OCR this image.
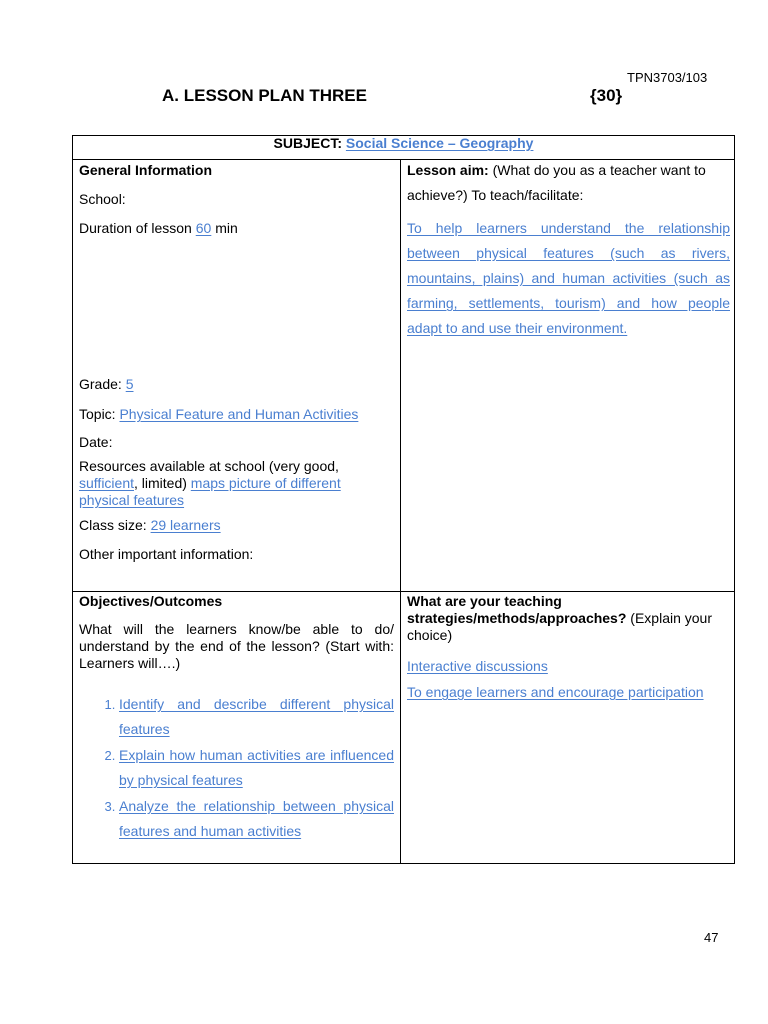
TPN3703/103
A. LESSON PLAN THREE	{30}
SUBJECT: Social Science – Geography
General Information
School:
Duration of lesson 60 min
Grade: 5
Topic: Physical Feature and Human Activities
Date:
Resources available at school (very good,
sufficient, limited) maps picture of different physical features
Class size: 29 learners
Other important information:
Lesson aim: (What do you as a teacher want to achieve?) To teach/facilitate:
To help learners understand the relationship between physical features (such as rivers, mountains, plains) and human activities (such as farming, settlements, tourism) and how people adapt to and use their environment.
Objectives/Outcomes
What will the learners know/be able to do/ understand by the end of the lesson? (Start with: Learners will….)
1. Identify and describe different physical features
2. Explain how human activities are influenced by physical features
3. Analyze the relationship between physical features and human activities
What are your teaching strategies/methods/approaches? (Explain your choice)
Interactive discussions
To engage learners and encourage participation
47
